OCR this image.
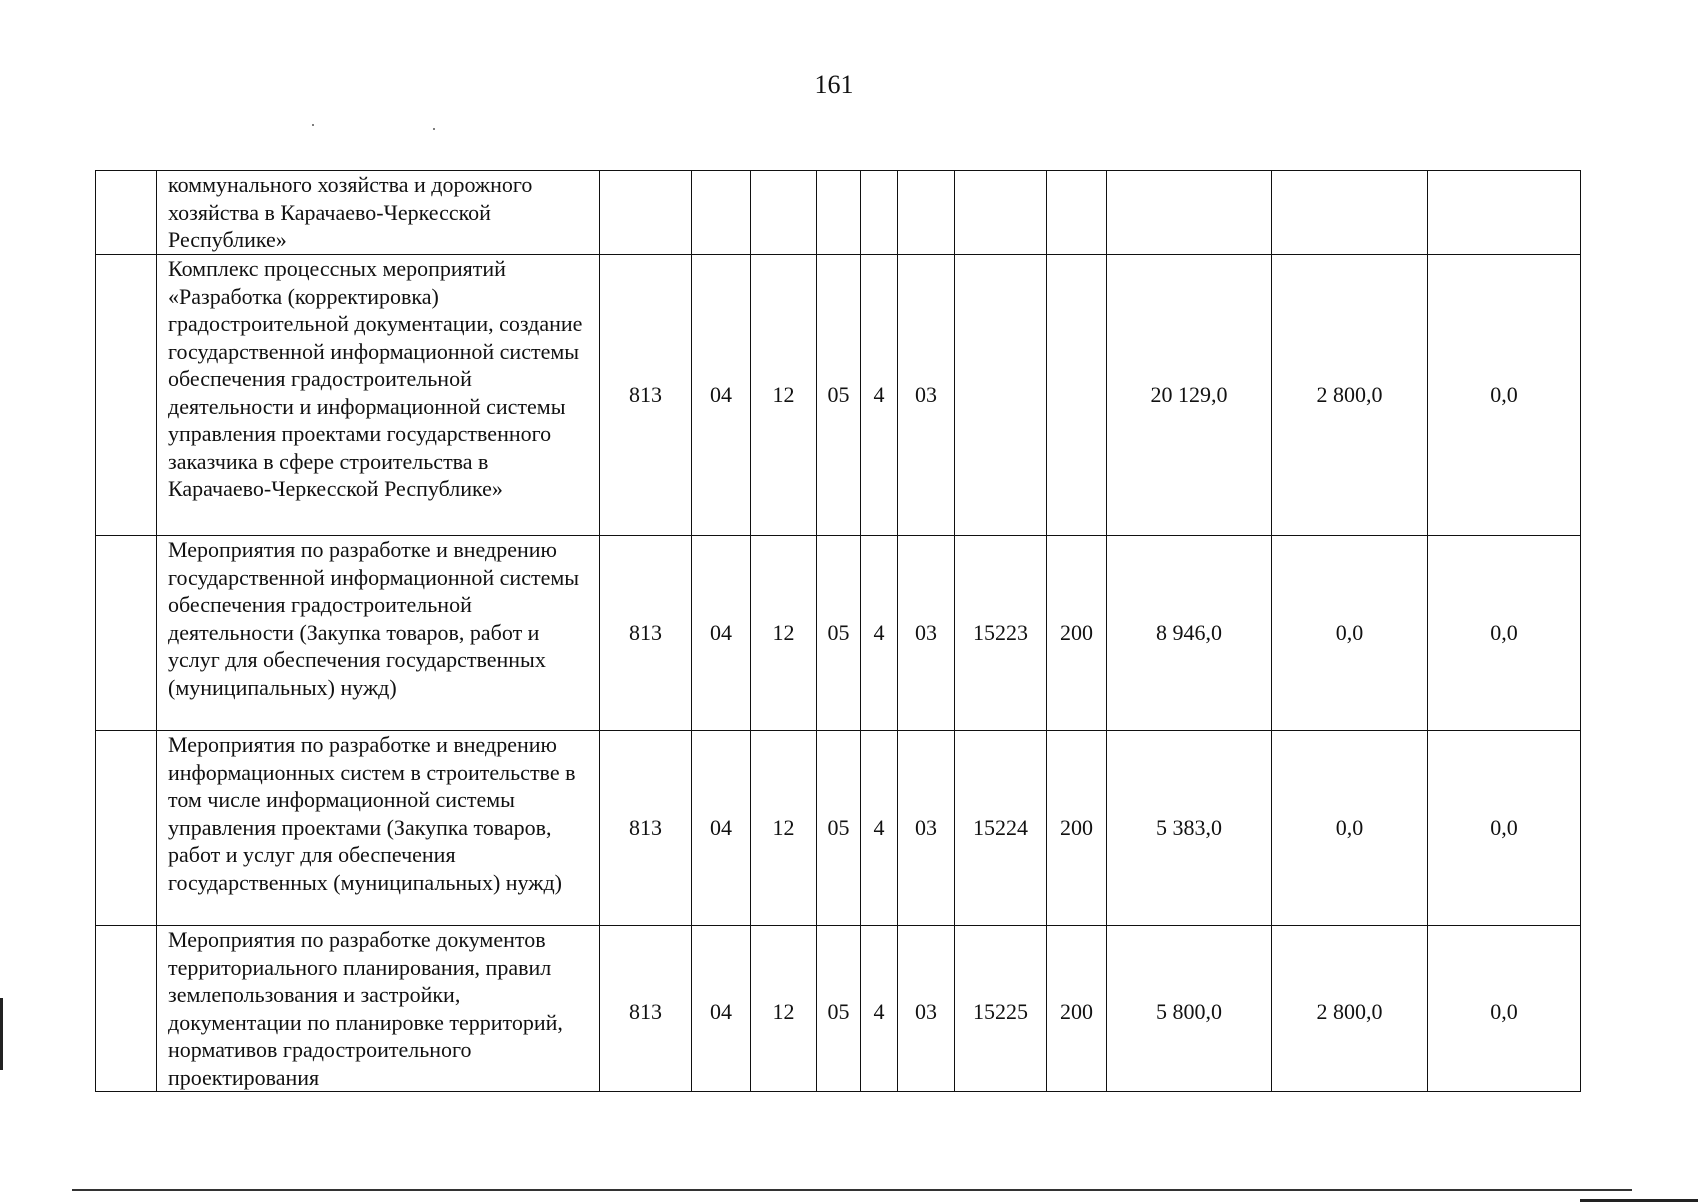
161
	коммунального хозяйства и дорожного хозяйства в Карачаево-Черкесской Республике»											
	Комплекс процессных мероприятий «Разработка (корректировка) градостроительной документации, создание государственной информационной системы обеспечения градостроительной деятельности и информационной системы управления проектами государственного заказчика в сфере строительства в Карачаево-Черкесской Республике»	813	04	12	05	4	03			20 129,0	2 800,0	0,0
	Мероприятия по разработке и внедрению государственной информационной системы обеспечения градостроительной деятельности (Закупка товаров, работ и услуг для обеспечения государственных (муниципальных) нужд)	813	04	12	05	4	03	15223	200	8 946,0	0,0	0,0
	Мероприятия по разработке и внедрению информационных систем в строительстве в том числе информационной системы управления проектами (Закупка товаров, работ и услуг для обеспечения государственных (муниципальных) нужд)	813	04	12	05	4	03	15224	200	5 383,0	0,0	0,0
	Мероприятия по разработке документов территориального планирования, правил землепользования и застройки, документации по планировке территорий, нормативов градостроительного проектирования	813	04	12	05	4	03	15225	200	5 800,0	2 800,0	0,0
